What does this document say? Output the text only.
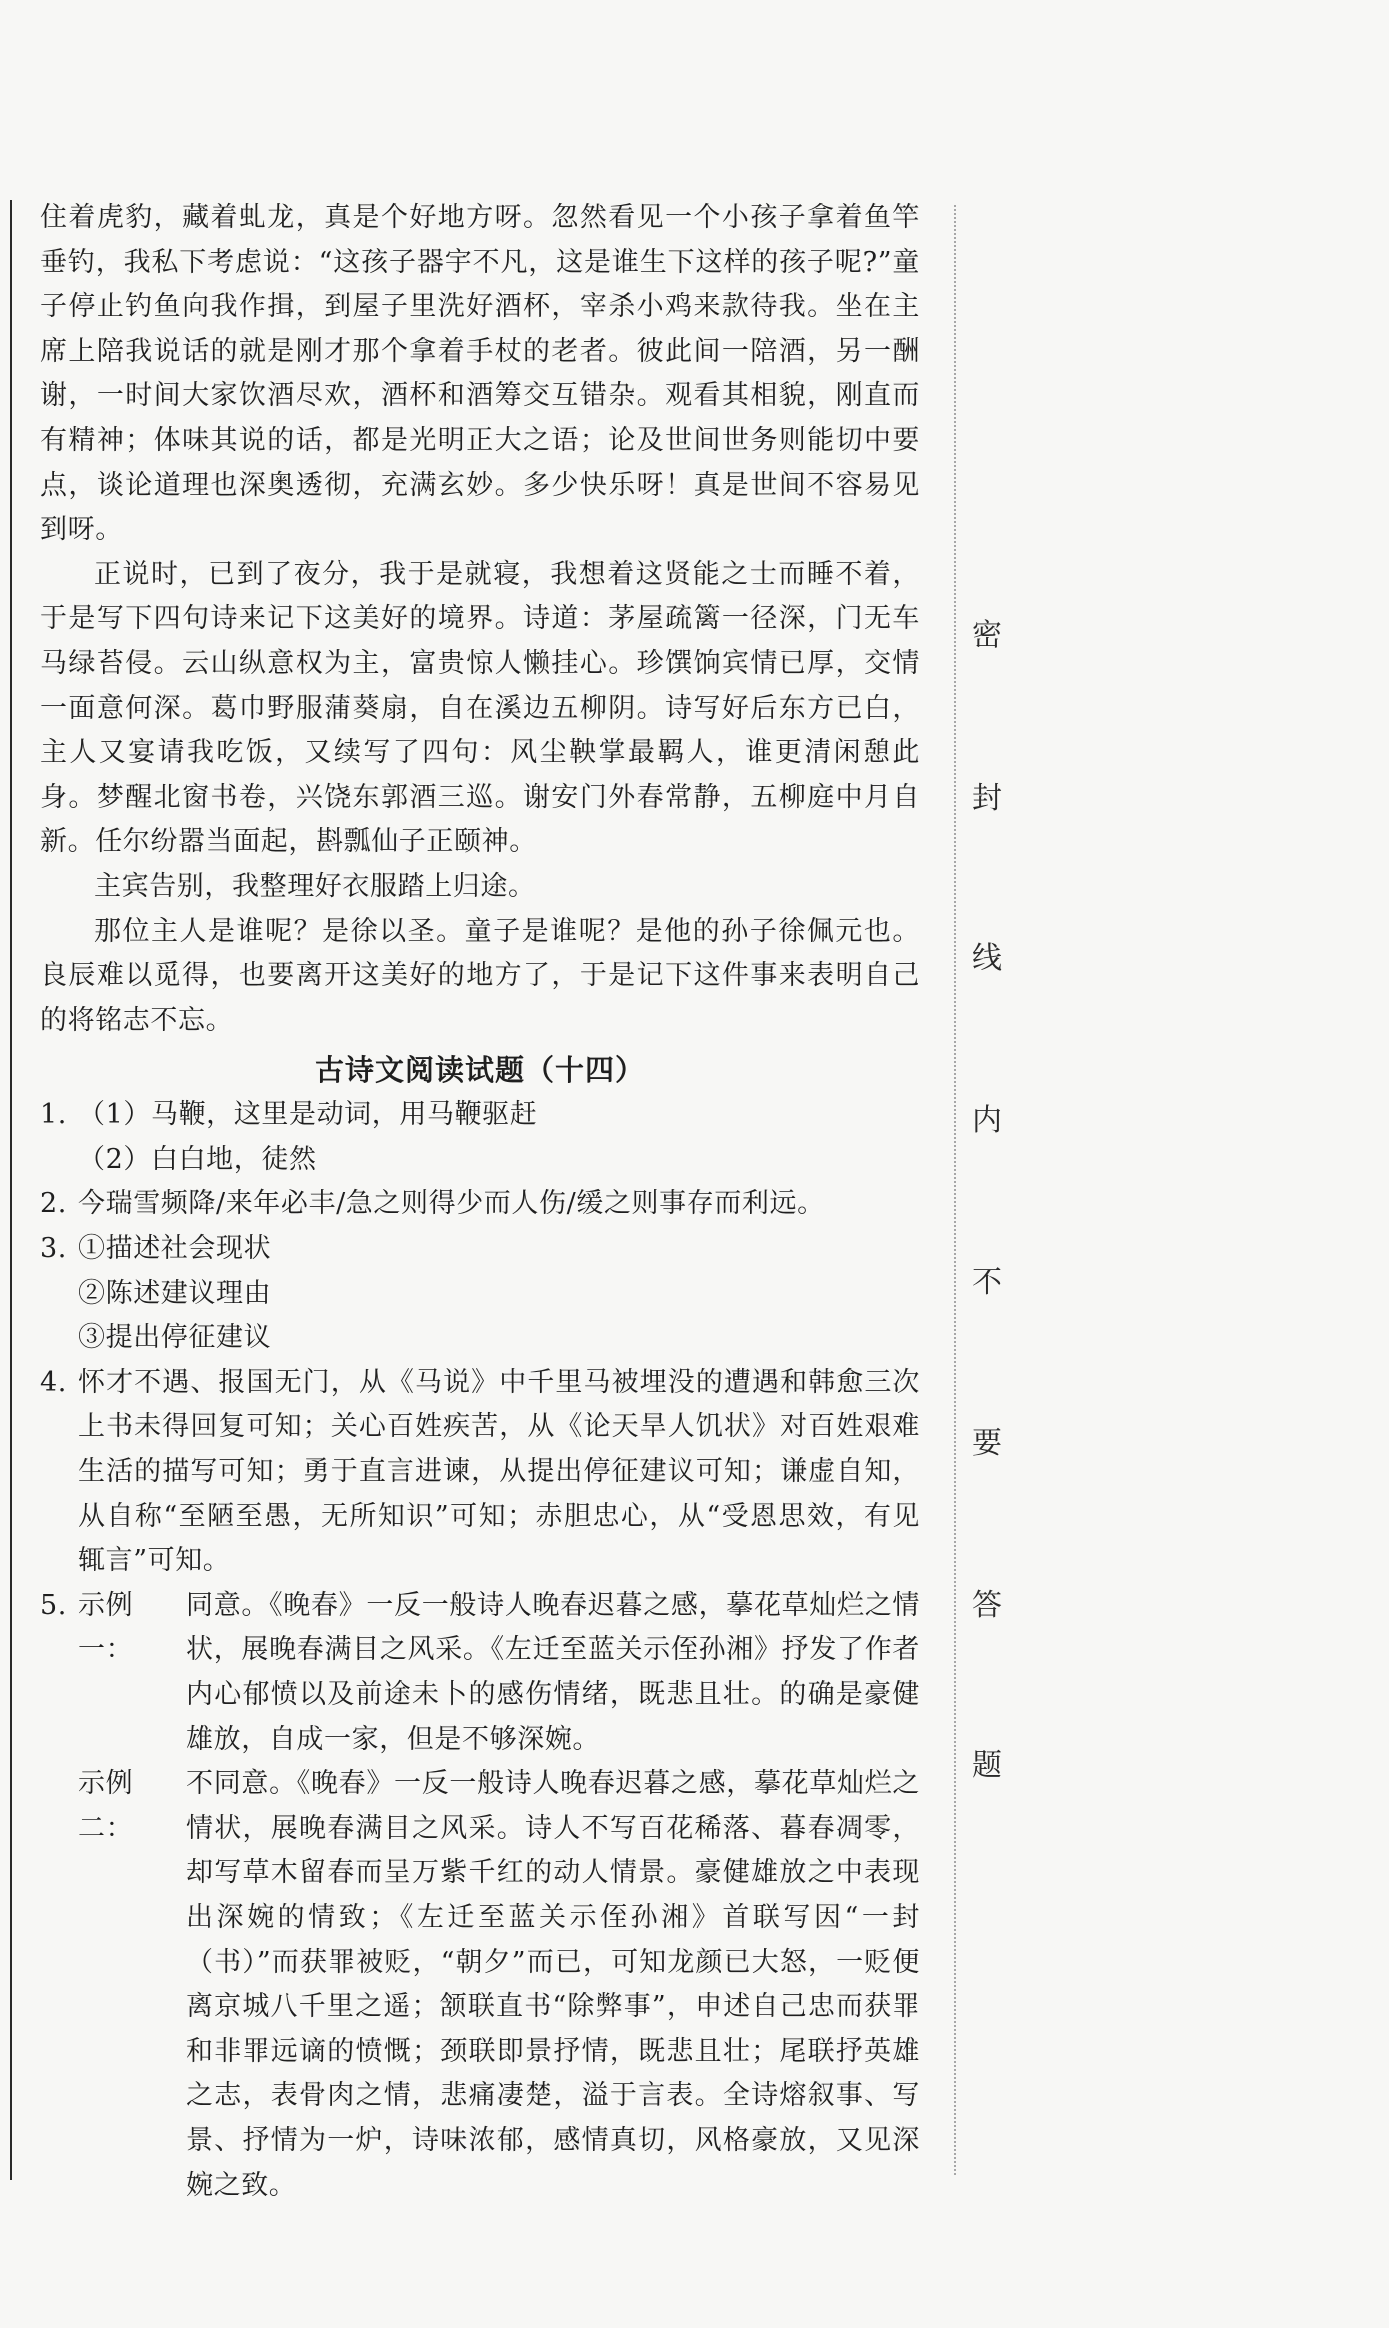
住着虎豹，藏着虬龙，真是个好地方呀。忽然看见一个小孩子拿着鱼竿垂钓，我私下考虑说：“这孩子器宇不凡，这是谁生下这样的孩子呢?”童子停止钓鱼向我作揖，到屋子里洗好酒杯，宰杀小鸡来款待我。坐在主席上陪我说话的就是刚才那个拿着手杖的老者。彼此间一陪酒，另一酬谢，一时间大家饮酒尽欢，酒杯和酒筹交互错杂。观看其相貌，刚直而有精神；体味其说的话，都是光明正大之语；论及世间世务则能切中要点，谈论道理也深奥透彻，充满玄妙。多少快乐呀！真是世间不容易见到呀。

正说时，已到了夜分，我于是就寝，我想着这贤能之士而睡不着，于是写下四句诗来记下这美好的境界。诗道：茅屋疏篱一径深，门无车马绿苔侵。云山纵意权为主，富贵惊人懒挂心。珍馔饷宾情已厚，交情一面意何深。葛巾野服蒲葵扇，自在溪边五柳阴。诗写好后东方已白，主人又宴请我吃饭，又续写了四句：风尘鞅掌最羁人，谁更清闲憩此身。梦醒北窗书卷，兴饶东郭酒三巡。谢安门外春常静，五柳庭中月自新。任尔纷嚣当面起，斟瓢仙子正颐神。

主宾告别，我整理好衣服踏上归途。

那位主人是谁呢？是徐以圣。童子是谁呢？是他的孙子徐佩元也。良辰难以觅得，也要离开这美好的地方了，于是记下这件事来表明自己的将铭志不忘。

古诗文阅读试题（十四）
1. （1）马鞭，这里是动词，用马鞭驱赶
（2）白白地，徒然
2. 今瑞雪频降/来年必丰/急之则得少而人伤/缓之则事存而利远。
3. ①描述社会现状
②陈述建议理由
③提出停征建议
4. 怀才不遇、报国无门，从《马说》中千里马被埋没的遭遇和韩愈三次上书未得回复可知；关心百姓疾苦，从《论天旱人饥状》对百姓艰难生活的描写可知；勇于直言进谏，从提出停征建议可知；谦虚自知，从自称“至陋至愚，无所知识”可知；赤胆忠心，从“受恩思效，有见辄言”可知。
5. 示例一：
同意。《晚春》一反一般诗人晚春迟暮之感，摹花草灿烂之情状，展晚春满目之风采。《左迁至蓝关示侄孙湘》抒发了作者内心郁愤以及前途未卜的感伤情绪，既悲且壮。的确是豪健雄放，自成一家，但是不够深婉。
示例二：
不同意。《晚春》一反一般诗人晚春迟暮之感，摹花草灿烂之情状，展晚春满目之风采。诗人不写百花稀落、暮春凋零，却写草木留春而呈万紫千红的动人情景。豪健雄放之中表现出深婉的情致；《左迁至蓝关示侄孙湘》首联写因“一封（书）”而获罪被贬，“朝夕”而已，可知龙颜已大怒，一贬便离京城八千里之遥；颔联直书“除弊事”，申述自己忠而获罪和非罪远谪的愤慨；颈联即景抒情，既悲且壮；尾联抒英雄之志，表骨肉之情，悲痛凄楚，溢于言表。全诗熔叙事、写景、抒情为一炉，诗味浓郁，感情真切，风格豪放，又见深婉之致。
密
封
线
内
不
要
答
题
